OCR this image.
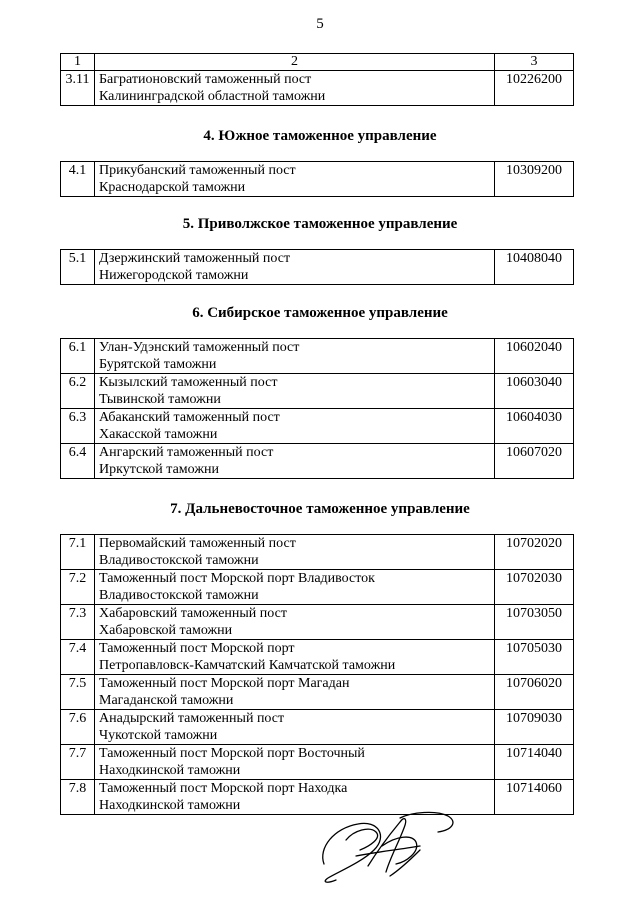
5
1	2	3
3.11	Багратионовский таможенный пост
Калининградской областной таможни	10226200
4. Южное таможенное управление
4.1	Прикубанский таможенный пост
Краснодарской таможни
	10309200
5. Приволжское таможенное управление
5.1	Дзержинский таможенный пост
Нижегородской таможни
	10408040
6. Сибирское таможенное управление
6.1	Улан-Удэнский таможенный пост
Бурятской таможни	10602040
6.2	Кызылский таможенный пост
Тывинской таможни	10603040
6.3	Абаканский таможенный пост
Хакасской таможни	10604030
6.4	Ангарский таможенный пост
Иркутской таможни	10607020
7. Дальневосточное таможенное управление
7.1	Первомайский таможенный пост
Владивостокской таможни	10702020
7.2	Таможенный пост Морской порт Владивосток
Владивостокской таможни	10702030
7.3	Хабаровский таможенный пост
Хабаровской таможни	10703050
7.4	Таможенный пост Морской порт
Петропавловск-Камчатский Камчатской таможни	10705030
7.5	Таможенный пост Морской порт Магадан
Магаданской таможни	10706020
7.6	Анадырский таможенный пост
Чукотской таможни	10709030
7.7	Таможенный пост Морской порт Восточный
Находкинской таможни	10714040
7.8	Таможенный пост Морской порт Находка
Находкинской таможни	10714060
